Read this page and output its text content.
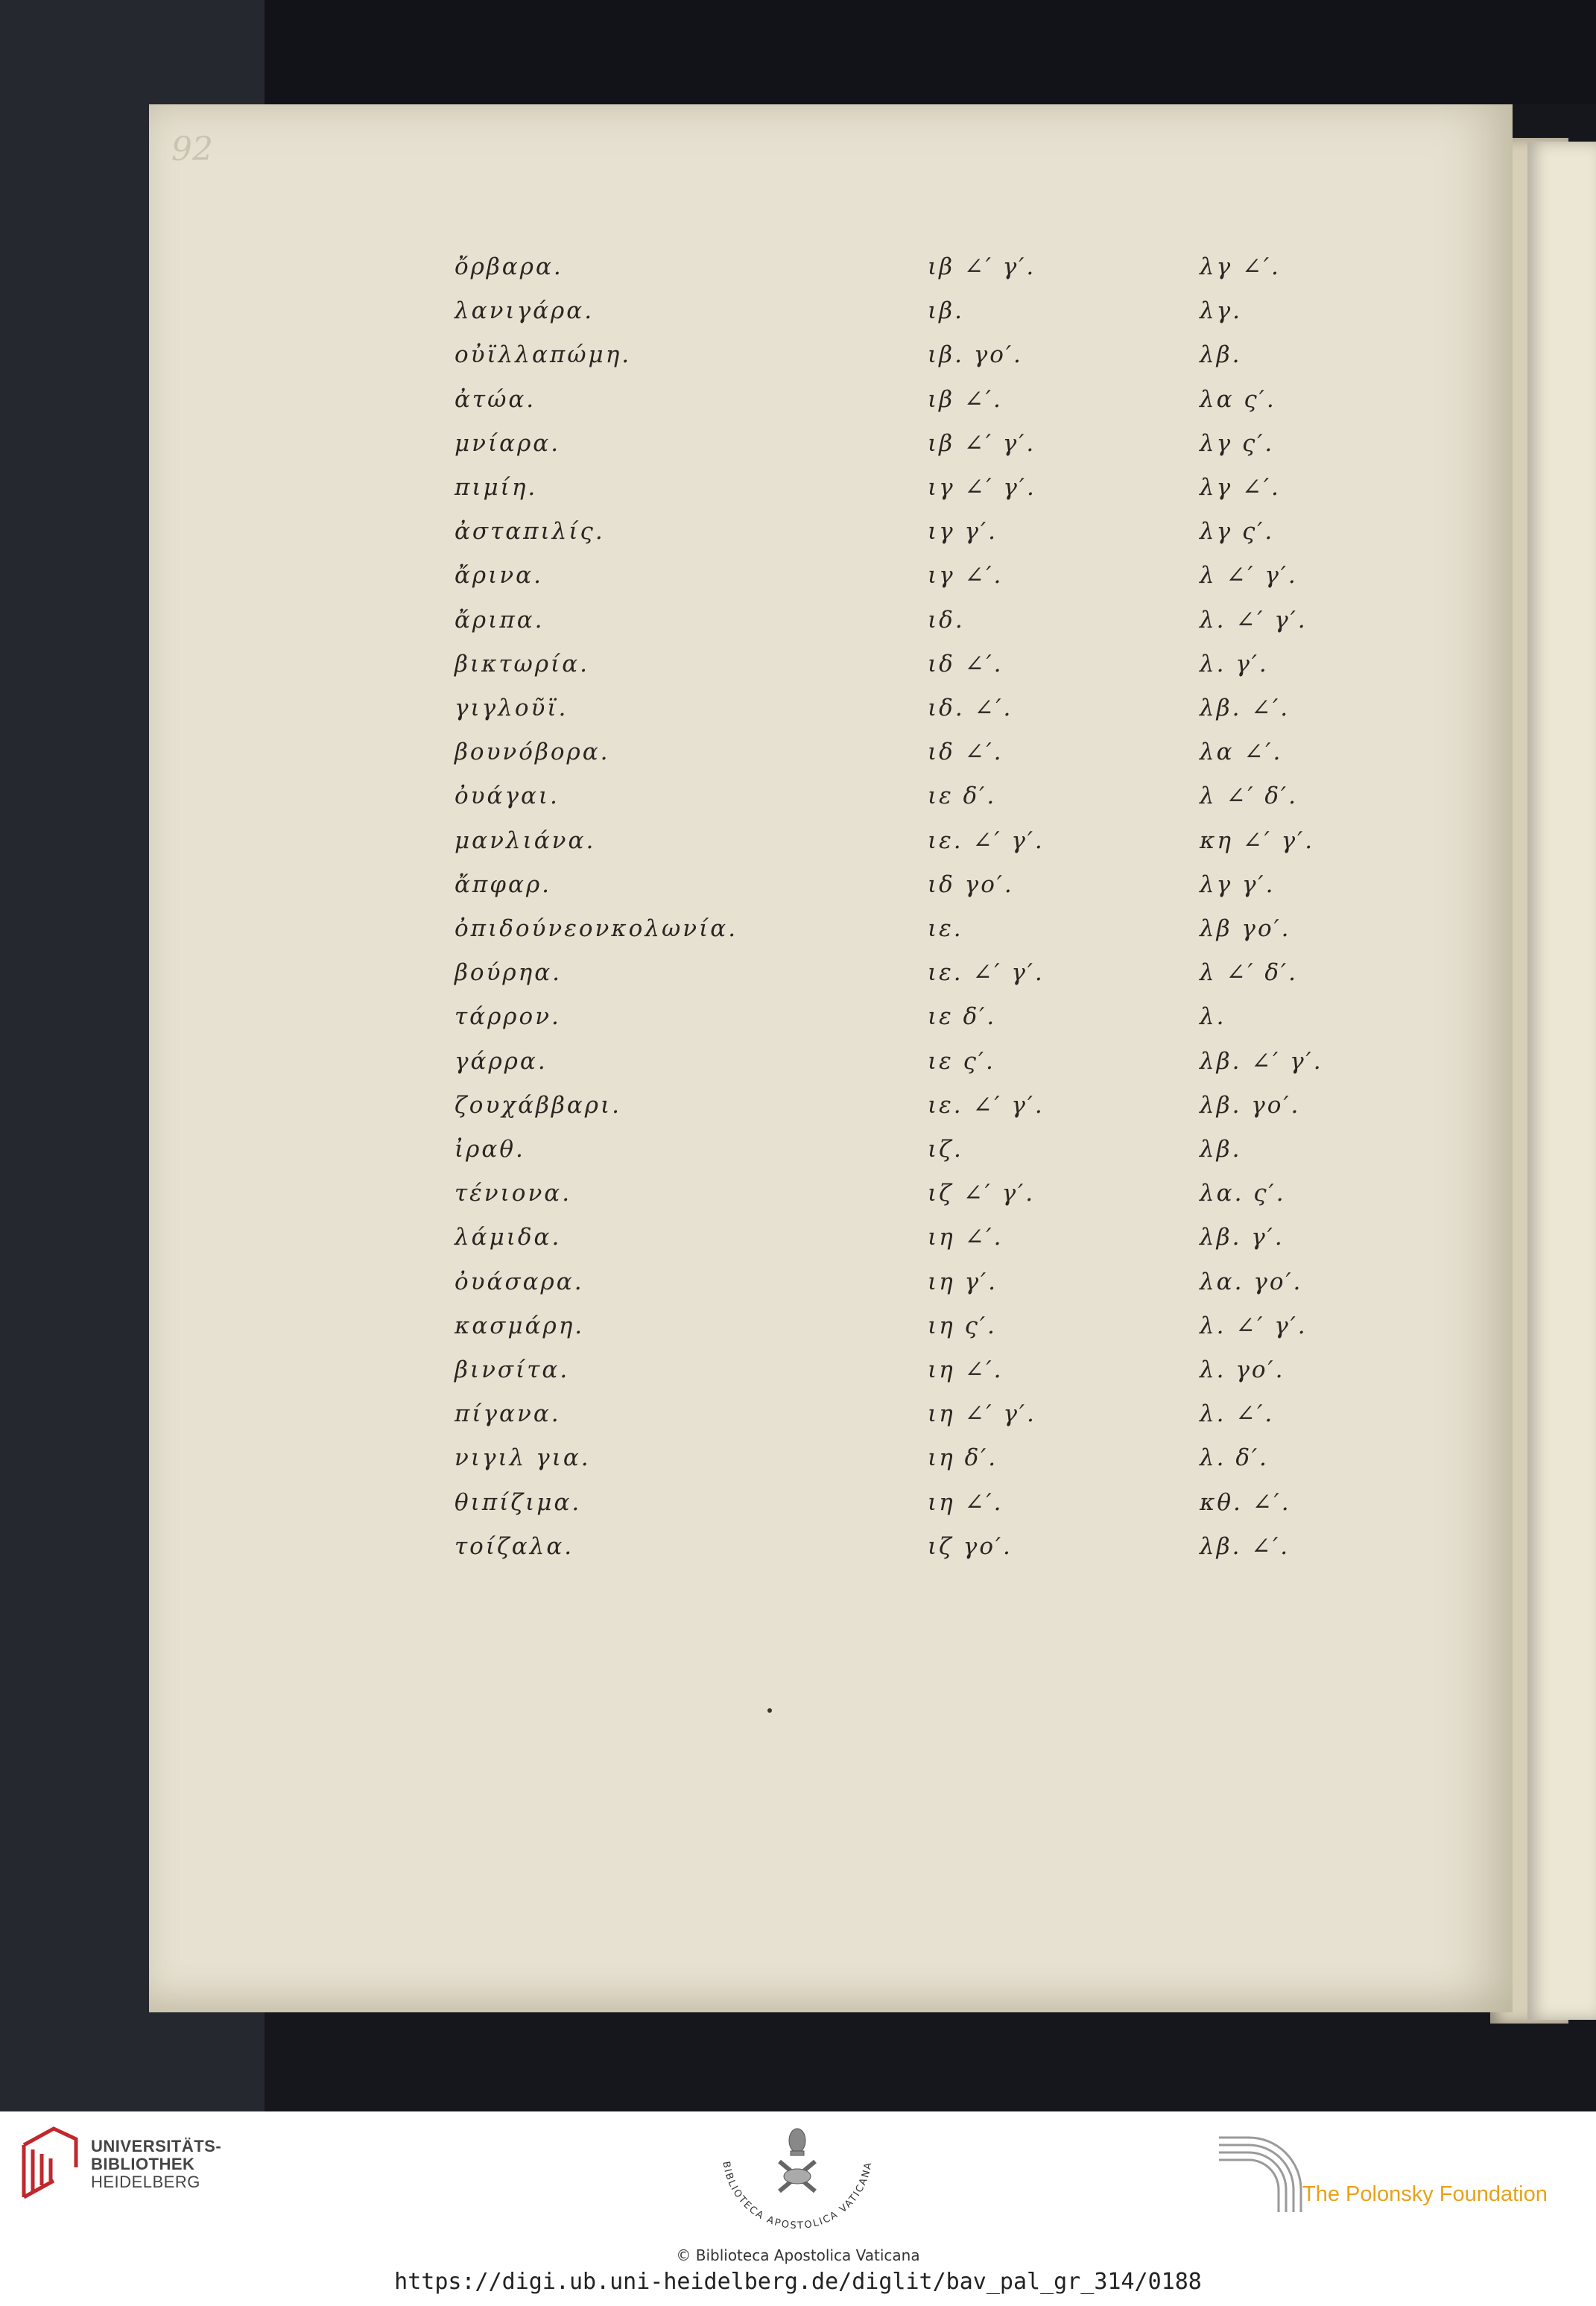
92
ὄρβαρα.	ιβ ∠′ γ′.	λγ ∠′.
λανιγάρα.	ιβ.	λγ.
οὐϊλλαπώμη.	ιβ. γο′.	λβ.
ἀτώα.	ιβ ∠′.	λα ς′.
μνίαρα.	ιβ ∠′ γ′.	λγ ς′.
πιμίη.	ιγ ∠′ γ′.	λγ ∠′.
ἀσταπιλίς.	ιγ γ′.	λγ ς′.
ἄρινα.	ιγ ∠′.	λ ∠′ γ′.
ἄριπα.	ιδ.	λ. ∠′ γ′.
βικτωρία.	ιδ ∠′.	λ. γ′.
γιγλοῦϊ.	ιδ. ∠′.	λβ. ∠′.
βουνόβορα.	ιδ ∠′.	λα ∠′.
ὀυάγαι.	ιε δ′.	λ ∠′ δ′.
μανλιάνα.	ιε. ∠′ γ′.	κη ∠′ γ′.
ἄπφαρ.	ιδ γο′.	λγ γ′.
ὀπιδούνεονκολωνία.	ιε.	λβ γο′.
βούρηα.	ιε. ∠′ γ′.	λ ∠′ δ′.
τάρρον.	ιε δ′.	λ.
γάρρα.	ιε ς′.	λβ. ∠′ γ′.
ζουχάββαρι.	ιε. ∠′ γ′.	λβ. γο′.
ἰραθ.	ιζ.	λβ.
τένιονα.	ιζ ∠′ γ′.	λα. ς′.
λάμιδα.	ιη ∠′.	λβ. γ′.
ὀυάσαρα.	ιη γ′.	λα. γο′.
κασμάρη.	ιη ς′.	λ. ∠′ γ′.
βινσίτα.	ιη ∠′.	λ. γο′.
πίγανα.	ιη ∠′ γ′.	λ. ∠′.
νιγιλ για.	ιη δ′.	λ. δ′.
θιπίζιμα.	ιη ∠′.	κθ. ∠′.
τοίζαλα.	ιζ γο′.	λβ. ∠′.
UNIVERSITÄTS-
BIBLIOTHEK
HEIDELBERG
BIBLIOTECA APOSTOLICA VATICANA
© Biblioteca Apostolica Vaticana
https://digi.ub.uni-heidelberg.de/diglit/bav_pal_gr_314/0188
The Polonsky Foundation
